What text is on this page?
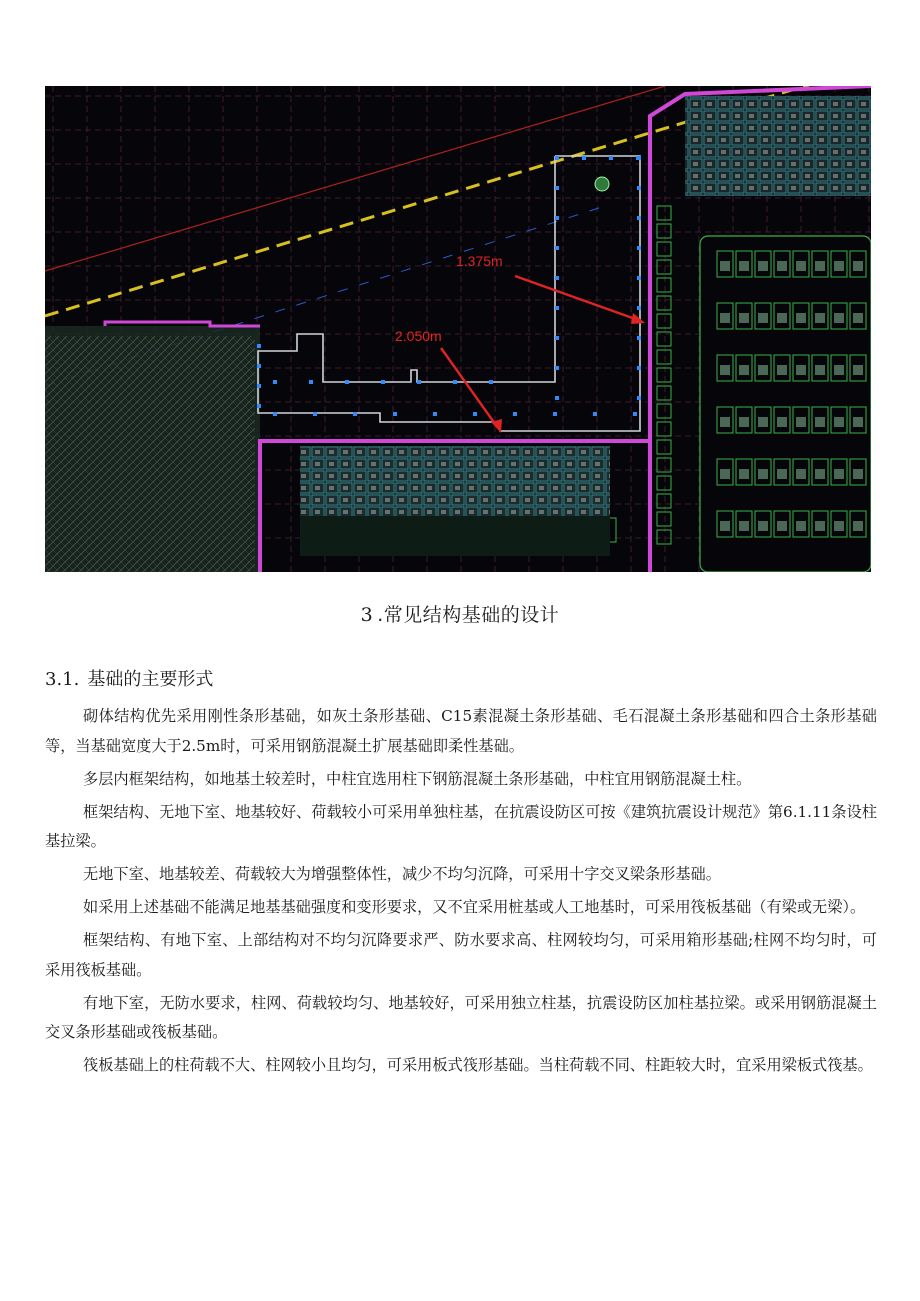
1.375m
2.050m
3 .常见结构基础的设计
3.1. 基础的主要形式

砌体结构优先采用刚性条形基础，如灰土条形基础、C15素混凝土条形基础、毛石混凝土条形基础和四合土条形基础等，当基础宽度大于2.5m时，可采用钢筋混凝土扩展基础即柔性基础。

多层内框架结构，如地基土较差时，中柱宜选用柱下钢筋混凝土条形基础，中柱宜用钢筋混凝土柱。

框架结构、无地下室、地基较好、荷载较小可采用单独柱基，在抗震设防区可按《建筑抗震设计规范》第6.1.11条设柱基拉梁。

无地下室、地基较差、荷载较大为增强整体性，减少不均匀沉降，可采用十字交叉梁条形基础。

如采用上述基础不能满足地基基础强度和变形要求，又不宜采用桩基或人工地基时，可采用筏板基础（有梁或无梁）。

框架结构、有地下室、上部结构对不均匀沉降要求严、防水要求高、柱网较均匀，可采用箱形基础;柱网不均匀时，可采用筏板基础。

有地下室，无防水要求，柱网、荷载较均匀、地基较好，可采用独立柱基，抗震设防区加柱基拉梁。或采用钢筋混凝土交叉条形基础或筏板基础。

筏板基础上的柱荷载不大、柱网较小且均匀，可采用板式筏形基础。当柱荷载不同、柱距较大时，宜采用梁板式筏基。
